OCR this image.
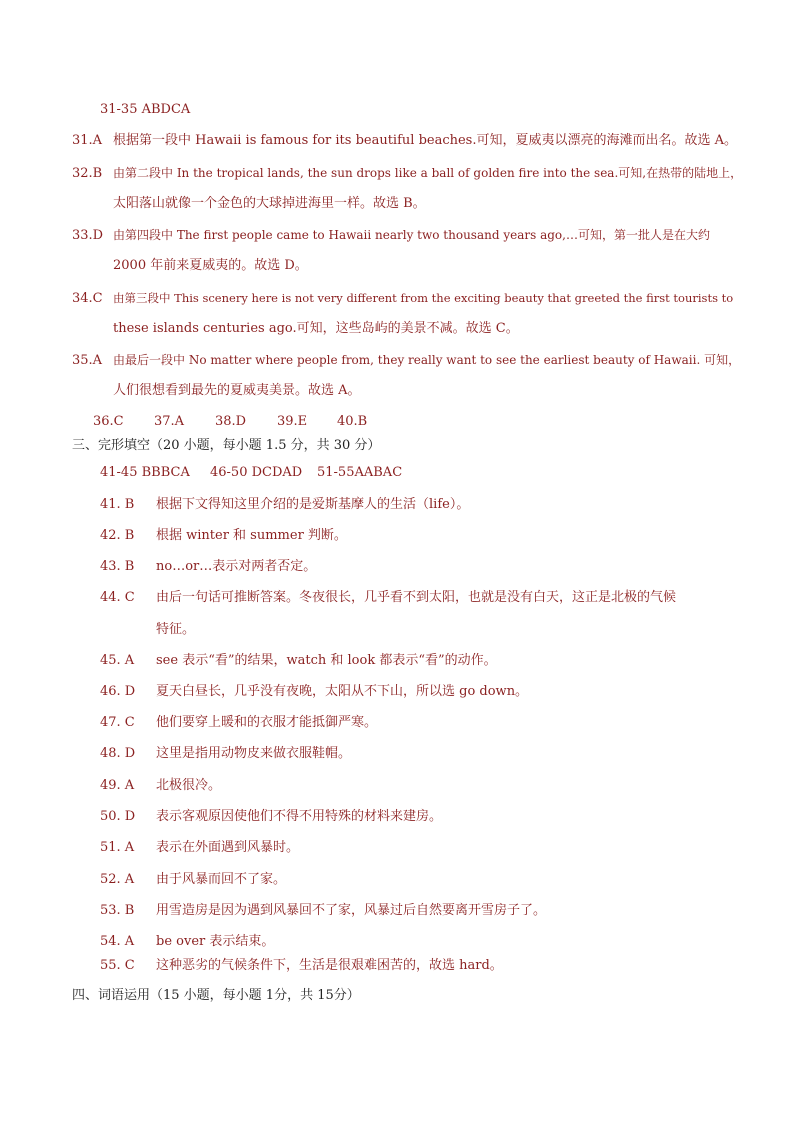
31-35 ABDCA
31.A 根据第一段中 Hawaii is famous for its beautiful beaches.可知，夏威夷以漂亮的海滩而出名。故选 A。
32.B 由第二段中 In the tropical lands, the sun drops like a ball of golden fire into the sea.可知,在热带的陆地上，
太阳落山就像一个金色的大球掉进海里一样。故选 B。
33.D 由第四段中 The first people came to Hawaii nearly two thousand years ago,…可知，第一批人是在大约
2000 年前来夏威夷的。故选 D。
34.C 由第三段中 This scenery here is not very different from the exciting beauty that greeted the first tourists to
these islands centuries ago.可知，这些岛屿的美景不减。故选 C。
35.A 由最后一段中 No matter where people from, they really want to see the earliest beauty of Hawaii. 可知，
人们很想看到最先的夏威夷美景。故选 A。
36.C 37.A 38.D 39.E 40.B
三、完形填空（20 小题，每小题 1.5 分，共 30 分）
41-45 BBBCA 46-50 DCDAD 51-55AABAC
41. B 根据下文得知这里介绍的是爱斯基摩人的生活（life）。
42. B 根据 winter 和 summer 判断。
43. B no…or…表示对两者否定。
44. C 由后一句话可推断答案。冬夜很长，几乎看不到太阳，也就是没有白天，这正是北极的气候
特征。
45. A see 表示“看”的结果，watch 和 look 都表示“看”的动作。
46. D 夏天白昼长，几乎没有夜晚，太阳从不下山，所以选 go down。
47. C 他们要穿上暖和的衣服才能抵御严寒。
48. D 这里是指用动物皮来做衣服鞋帽。
49. A 北极很冷。
50. D 表示客观原因使他们不得不用特殊的材料来建房。
51. A 表示在外面遇到风暴时。
52. A 由于风暴而回不了家。
53. B 用雪造房是因为遇到风暴回不了家，风暴过后自然要离开雪房子了。
54. A be over 表示结束。
55. C 这种恶劣的气候条件下，生活是很艰难困苦的，故选 hard。
四、词语运用（15 小题，每小题 1分，共 15分）
